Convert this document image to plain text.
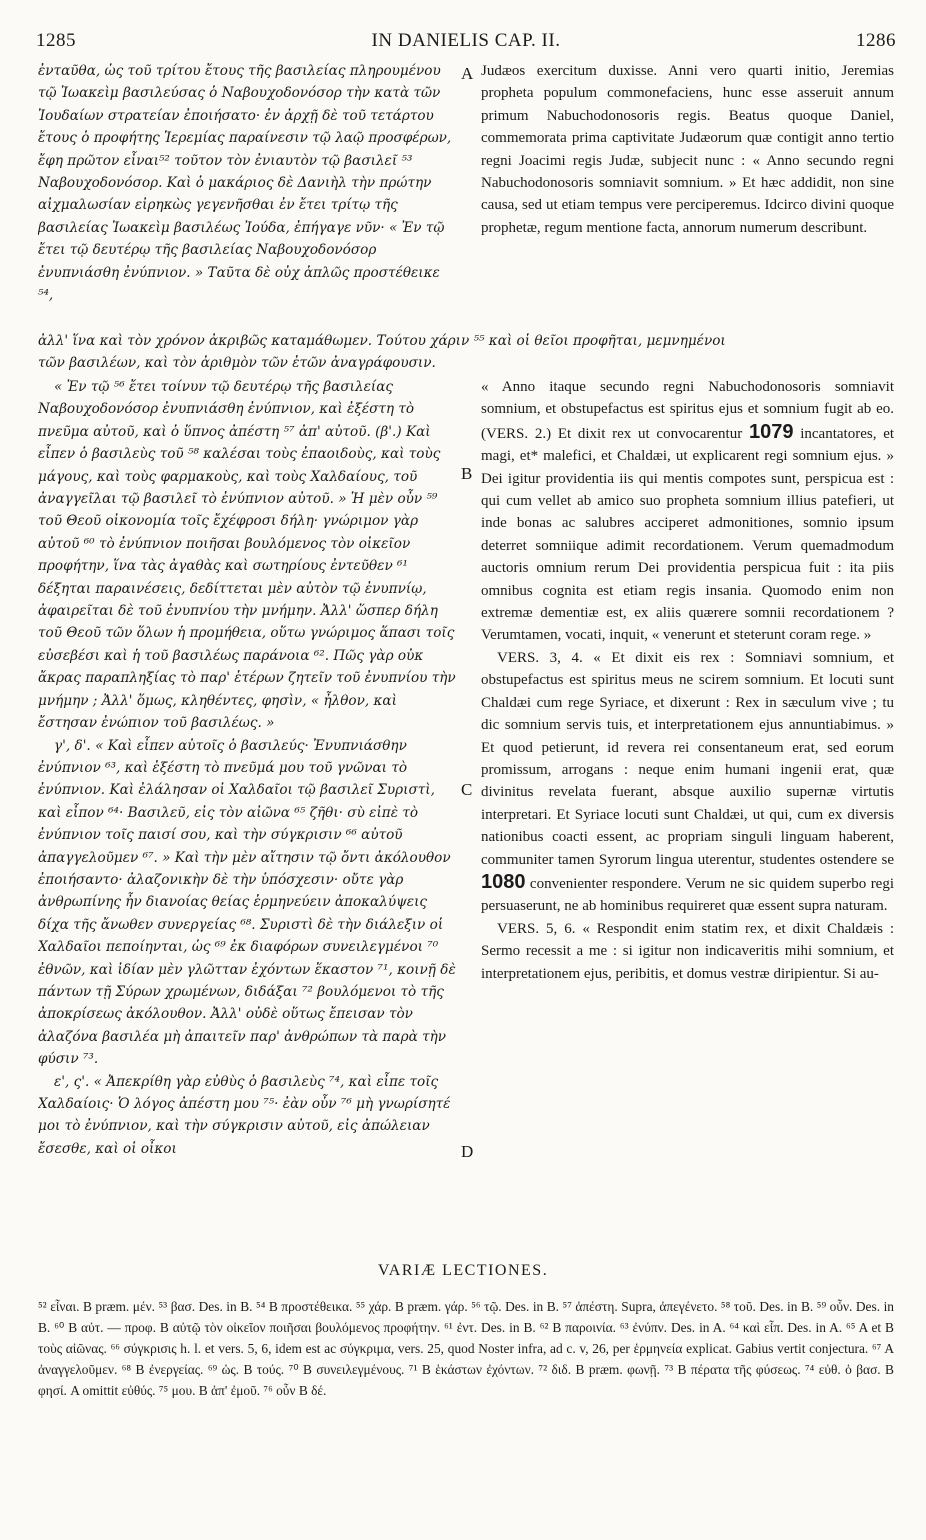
1285	IN DANIELIS CAP. II.	1286
ἐνταῦθα, ὡς τοῦ τρίτου ἔτους τῆς βασιλείας πληρουμένου τῷ Ἰωακεὶμ βασιλεύσας ὁ Ναβουχοδονόσορ τὴν κατὰ τῶν Ἰουδαίων στρατείαν ἐποιήσατο· ἐν ἀρχῇ δὲ τοῦ τετάρτου ἔτους ὁ προφήτης Ἱερεμίας παραίνεσιν τῷ λαῷ προσφέρων, ἔφη πρῶτον εἶναι⁵² τοῦτον τὸν ἐνιαυτὸν τῷ βασιλεῖ ⁵³ Ναβουχοδονόσορ. Καὶ ὁ μακάριος δὲ Δανιὴλ τὴν πρώτην αἰχμαλωσίαν εἰρηκὼς γεγενῆσθαι ἐν ἔτει τρίτῳ τῆς βασιλείας Ἰωακεὶμ βασιλέως Ἰούδα, ἐπήγαγε νῦν· « Ἐν τῷ ἔτει τῷ δευτέρῳ τῆς βασιλείας Ναβουχοδονόσορ ἐνυπνιάσθη ἐνύπνιον. » Ταῦτα δὲ οὐχ ἁπλῶς προστέθεικε ⁵⁴,
A Judæos exercitum duxisse. Anni vero quarti initio, Jeremias propheta populum commonefaciens, hunc esse asseruit annum primum Nabuchodonosoris regis. Beatus quoque Daniel, commemorata prima captivitate Judæorum quæ contigit anno tertio regni Joacimi regis Judæ, subjecit nunc : « Anno secundo regni Nabuchodonosoris somniavit somnium. » Et hæc addidit, non sine causa, sed ut etiam tempus vere perciperemus. Idcirco divini quoque prophetæ, regum mentione facta, annorum numerum describunt.
ἀλλ' ἵνα καὶ τὸν χρόνον ἀκριβῶς καταμάθωμεν. Τούτου χάριν ⁵⁵ καὶ οἱ θεῖοι προφῆται, μεμνημένοι
τῶν βασιλέων, καὶ τὸν ἀριθμὸν τῶν ἐτῶν ἀναγράφουσιν.
« Ἐν τῷ ⁵⁶ ἔτει τοίνυν τῷ δευτέρῳ τῆς βασιλείας Ναβουχοδονόσορ ἐνυπνιάσθη ἐνύπνιον, καὶ ἐξέστη τὸ πνεῦμα αὐτοῦ, καὶ ὁ ὕπνος ἀπέστη ⁵⁷ ἀπ' αὐτοῦ. (β'.) Καὶ εἶπεν ὁ βασιλεὺς τοῦ ⁵⁸ καλέσαι τοὺς ἐπαοιδοὺς, καὶ τοὺς μάγους, καὶ τοὺς φαρμακοὺς, καὶ τοὺς Χαλδαίους, τοῦ ἀναγγεῖλαι τῷ βασιλεῖ τὸ ἐνύπνιον αὐτοῦ. » Ἡ μὲν οὖν ⁵⁹ τοῦ Θεοῦ οἰκονομία τοῖς ἔχέφροσι δήλη· γνώριμον γὰρ αὐτοῦ ⁶⁰ τὸ ἐνύπνιον ποιῆσαι βουλόμενος τὸν οἰκεῖον προφήτην, ἵνα τὰς ἀγαθὰς καὶ σωτηρίους ἐντεῦθεν ⁶¹ δέξηται παραινέσεις, δεδίττεται μὲν αὐτὸν τῷ ἐνυπνίῳ, ἀφαιρεῖται δὲ τοῦ ἐνυπνίου τὴν μνήμην. Ἀλλ' ὥσπερ δήλη τοῦ Θεοῦ τῶν ὅλων ἡ προμήθεια, οὕτω γνώριμος ἅπασι τοῖς εὐσεβέσι καὶ ἡ τοῦ βασιλέως παράνοια ⁶². Πῶς γὰρ οὐκ ἄκρας παραπληξίας τὸ παρ' ἑτέρων ζητεῖν τοῦ ἐνυπνίου τὴν μνήμην ; Ἀλλ' ὅμως, κληθέντες, φησὶν, « ἦλθον, καὶ ἔστησαν ἐνώπιον τοῦ βασιλέως. »
γ', δ'. « Καὶ εἶπεν αὐτοῖς ὁ βασιλεύς· Ἐνυπνιάσθην ἐνύπνιον ⁶³, καὶ ἐξέστη τὸ πνεῦμά μου τοῦ γνῶναι τὸ ἐνύπνιον. Καὶ ἐλάλησαν οἱ Χαλδαῖοι τῷ βασιλεῖ Συριστὶ, καὶ εἶπον ⁶⁴· Βασιλεῦ, εἰς τὸν αἰῶνα ⁶⁵ ζῆθι· σὺ εἰπὲ τὸ ἐνύπνιον τοῖς παισί σου, καὶ τὴν σύγκρισιν ⁶⁶ αὐτοῦ ἀπαγγελοῦμεν ⁶⁷. » Καὶ τὴν μὲν αἴτησιν τῷ ὄντι ἀκόλουθον ἐποιήσαντο· ἀλαζονικὴν δὲ τὴν ὑπόσχεσιν· οὔτε γὰρ ἀνθρωπίνης ἦν διανοίας θείας ἑρμηνεύειν ἀποκαλύψεις δίχα τῆς ἄνωθεν συνεργείας ⁶⁸. Συριστὶ δὲ τὴν διάλεξιν οἱ Χαλδαῖοι πεποίηνται, ὡς ⁶⁹ ἐκ διαφόρων συνειλεγμένοι ⁷⁰ ἐθνῶν, καὶ ἰδίαν μὲν γλῶτταν ἐχόντων ἕκαστον ⁷¹, κοινῇ δὲ πάντων τῇ Σύρων χρωμένων, διδάξαι ⁷² βουλόμενοι τὸ τῆς ἀποκρίσεως ἀκόλουθον. Ἀλλ' οὐδὲ οὕτως ἔπεισαν τὸν ἀλαζόνα βασιλέα μὴ ἀπαιτεῖν παρ' ἀνθρώπων τὰ παρὰ τὴν φύσιν ⁷³.
ε', ς'. « Ἀπεκρίθη γὰρ εὐθὺς ὁ βασιλεὺς ⁷⁴, καὶ εἶπε τοῖς Χαλδαίοις· Ὁ λόγος ἀπέστη μου ⁷⁵· ἐὰν οὖν ⁷⁶ μὴ γνωρίσητέ μοι τὸ ἐνύπνιον, καὶ τὴν σύγκρισιν αὐτοῦ, εἰς ἀπώλειαν ἔσεσθε, καὶ οἱ οἶκοι
B
C
D
« Anno itaque secundo regni Nabuchodonosoris somniavit somnium, et obstupefactus est spiritus ejus et somnium fugit ab eo. (VERS. 2.) Et dixit rex ut convocarentur 1079 incantatores, et magi, et* malefici, et Chaldæi, ut explicarent regi somnium ejus. » Dei igitur providentia iis qui mentis compotes sunt, perspicua est : qui cum vellet ab amico suo propheta somnium illius patefieri, ut inde bonas ac salubres acciperet admonitiones, somnio ipsum deterret somniique adimit recordationem. Verum quemadmodum auctoris omnium rerum Dei providentia perspicua fuit : ita piis omnibus cognita est etiam regis insania. Quomodo enim non extremæ dementiæ est, ex aliis quærere somnii recordationem ? Verumtamen, vocati, inquit, « venerunt et steterunt coram rege. »
VERS. 3, 4. « Et dixit eis rex : Somniavi somnium, et obstupefactus est spiritus meus ne scirem somnium. Et locuti sunt Chaldæi cum rege Syriace, et dixerunt : Rex in sæculum vive ; tu dic somnium servis tuis, et interpretationem ejus annuntiabimus. » Et quod petierunt, id revera rei consentaneum erat, sed eorum promissum, arrogans : neque enim humani ingenii erat, quæ divinitus revelata fuerant, absque auxilio supernæ virtutis interpretari. Et Syriace locuti sunt Chaldæi, ut qui, cum ex diversis nationibus coacti essent, ac propriam singuli linguam haberent, communiter tamen Syrorum lingua uterentur, studentes ostendere se 1080 convenienter respondere. Verum ne sic quidem superbo regi persuaserunt, ne ab hominibus requireret quæ essent supra naturam.
VERS. 5, 6. « Respondit enim statim rex, et dixit Chaldæis : Sermo recessit a me : si igitur non indicaveritis mihi somnium, et interpretationem ejus, peribitis, et domus vestræ diripientur. Si au-
VARIÆ LECTIONES.
⁵² εἶναι. B præm. μέν. ⁵³ βασ. Des. in B. ⁵⁴ B προστέθεικα. ⁵⁵ χάρ. B præm. γάρ. ⁵⁶ τῷ. Des. in B. ⁵⁷ ἀπέστη. Supra, ἀπεγένετο. ⁵⁸ τοῦ. Des. in B. ⁵⁹ οὖν. Des. in B. ⁶⁰ B αὐτ. — προφ. B αὐτῷ τὸν οἰκεῖον ποιῆσαι βουλόμενος προφήτην. ⁶¹ ἐντ. Des. in B. ⁶² B παροινία. ⁶³ ἐνύπν. Des. in A. ⁶⁴ καὶ εἶπ. Des. in A. ⁶⁵ A et B τοὺς αἰῶνας. ⁶⁶ σύγκρισις h. l. et vers. 5, 6, idem est ac σύγκριμα, vers. 25, quod Noster infra, ad c. v, 26, per ἑρμηνεία explicat. Gabius vertit conjectura. ⁶⁷ A ἀναγγελοῦμεν. ⁶⁸ B ἐνεργείας. ⁶⁹ ὡς. B τούς. ⁷⁰ B συνειλεγμένους. ⁷¹ B ἑκάστων ἐχόντων. ⁷² διδ. B præm. φωνῇ. ⁷³ B πέρατα τῆς φύσεως. ⁷⁴ εὐθ. ὁ βασ. B φησί. A omittit εὐθύς. ⁷⁵ μου. B ἀπ' ἐμοῦ. ⁷⁶ οὖν B δέ.
